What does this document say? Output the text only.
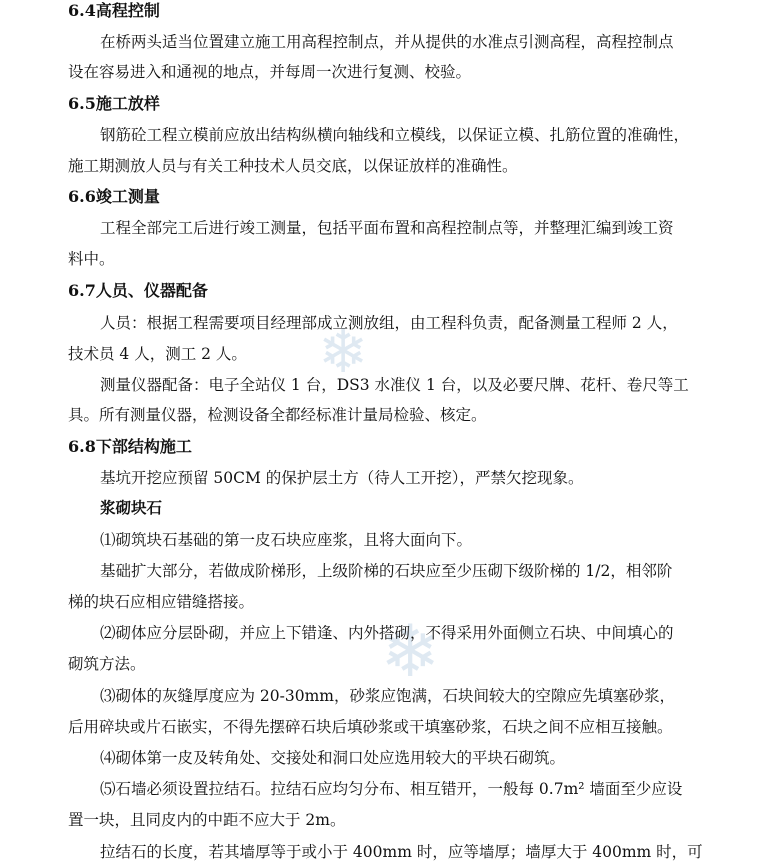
❄
❄
6.4高程控制
在桥两头适当位置建立施工用高程控制点，并从提供的水准点引测高程，高程控制点
设在容易进入和通视的地点，并每周一次进行复测、校验。
6.5施工放样
钢筋砼工程立模前应放出结构纵横向轴线和立模线，以保证立模、扎筋位置的准确性，
施工期测放人员与有关工种技术人员交底，以保证放样的准确性。
6.6竣工测量
工程全部完工后进行竣工测量，包括平面布置和高程控制点等，并整理汇编到竣工资
料中。
6.7人员、仪器配备
人员：根据工程需要项目经理部成立测放组，由工程科负责，配备测量工程师 2 人，
技术员 4 人，测工 2 人。
测量仪器配备：电子全站仪 1 台，DS3 水准仪 1 台，以及必要尺牌、花杆、卷尺等工
具。所有测量仪器，检测设备全都经标准计量局检验、核定。
6.8下部结构施工
基坑开挖应预留 50CM 的保护层土方（待人工开挖），严禁欠挖现象。
浆砌块石
⑴砌筑块石基础的第一皮石块应座浆，且将大面向下。
基础扩大部分，若做成阶梯形，上级阶梯的石块应至少压砌下级阶梯的 1/2，相邻阶
梯的块石应相应错缝搭接。
⑵砌体应分层卧砌，并应上下错逢、内外搭砌，不得采用外面侧立石块、中间填心的
砌筑方法。
⑶砌体的灰缝厚度应为 20-30mm，砂浆应饱满，石块间较大的空隙应先填塞砂浆，
后用碎块或片石嵌实，不得先摆碎石块后填砂浆或干填塞砂浆，石块之间不应相互接触。
⑷砌体第一皮及转角处、交接处和洞口处应选用较大的平块石砌筑。
⑸石墙必须设置拉结石。拉结石应均匀分布、相互错开，一般每 0.7m² 墙面至少应设
置一块，且同皮内的中距不应大于 2m。
拉结石的长度，若其墙厚等于或小于 400mm 时，应等墙厚；墙厚大于 400mm 时，可
